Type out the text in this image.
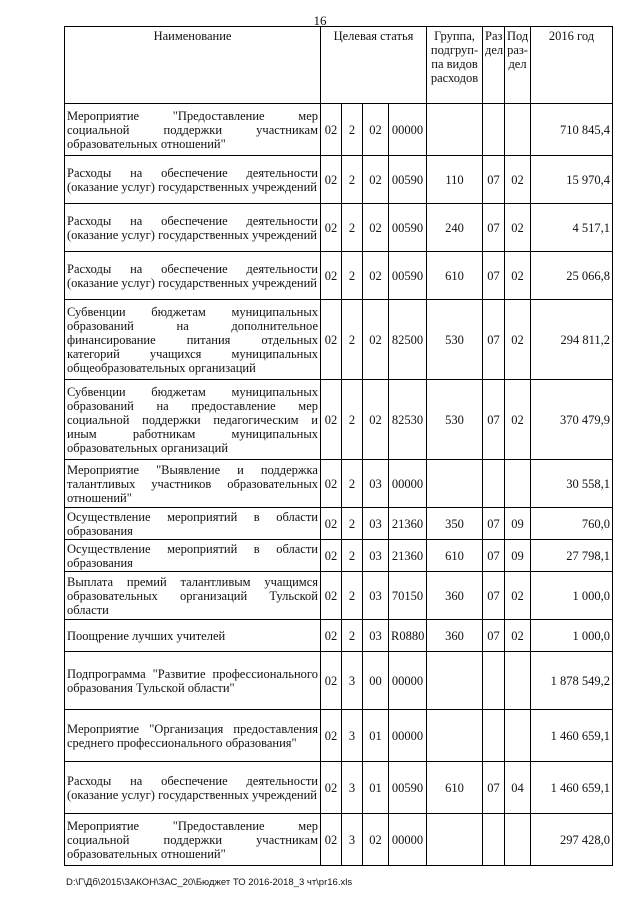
16
Наименование	Целевая статья				Группа, подгруп-па видов расходов	Раз дел	Под раз-дел	2016 год
Мероприятие "Предоставление мер социальной поддержки участникам образовательных отношений"	02	2	02	00000				710 845,4
Расходы на обеспечение деятельности (оказание услуг) государственных учреждений	02	2	02	00590	110	07	02	15 970,4
Расходы на обеспечение деятельности (оказание услуг) государственных учреждений	02	2	02	00590	240	07	02	4 517,1
Расходы на обеспечение деятельности (оказание услуг) государственных учреждений	02	2	02	00590	610	07	02	25 066,8
Субвенции бюджетам муниципальных образований на дополнительное финансирование питания отдельных категорий учащихся муниципальных общеобразовательных организаций	02	2	02	82500	530	07	02	294 811,2
Субвенции бюджетам муниципальных образований на предоставление мер социальной поддержки педагогическим и иным работникам муниципальных образовательных организаций	02	2	02	82530	530	07	02	370 479,9
Мероприятие "Выявление и поддержка талантливых участников образовательных отношений"	02	2	03	00000				30 558,1
Осуществление мероприятий в области образования	02	2	03	21360	350	07	09	760,0
Осуществление мероприятий в области образования	02	2	03	21360	610	07	09	27 798,1
Выплата премий талантливым учащимся образовательных организаций Тульской области	02	2	03	70150	360	07	02	1 000,0
Поощрение лучших учителей	02	2	03	R0880	360	07	02	1 000,0
Подпрограмма "Развитие профессионального образования Тульской области"	02	3	00	00000				1 878 549,2
Мероприятие "Организация предоставления среднего профессионального образования"	02	3	01	00000				1 460 659,1
Расходы на обеспечение деятельности (оказание услуг) государственных учреждений	02	3	01	00590	610	07	04	1 460 659,1
Мероприятие "Предоставление мер социальной поддержки участникам образовательных отношений"	02	3	02	00000				297 428,0
D:\Г\Дб\2015\ЗАКОН\ЗАС_20\Бюджет ТО 2016-2018_3 чт\pr16.xls
